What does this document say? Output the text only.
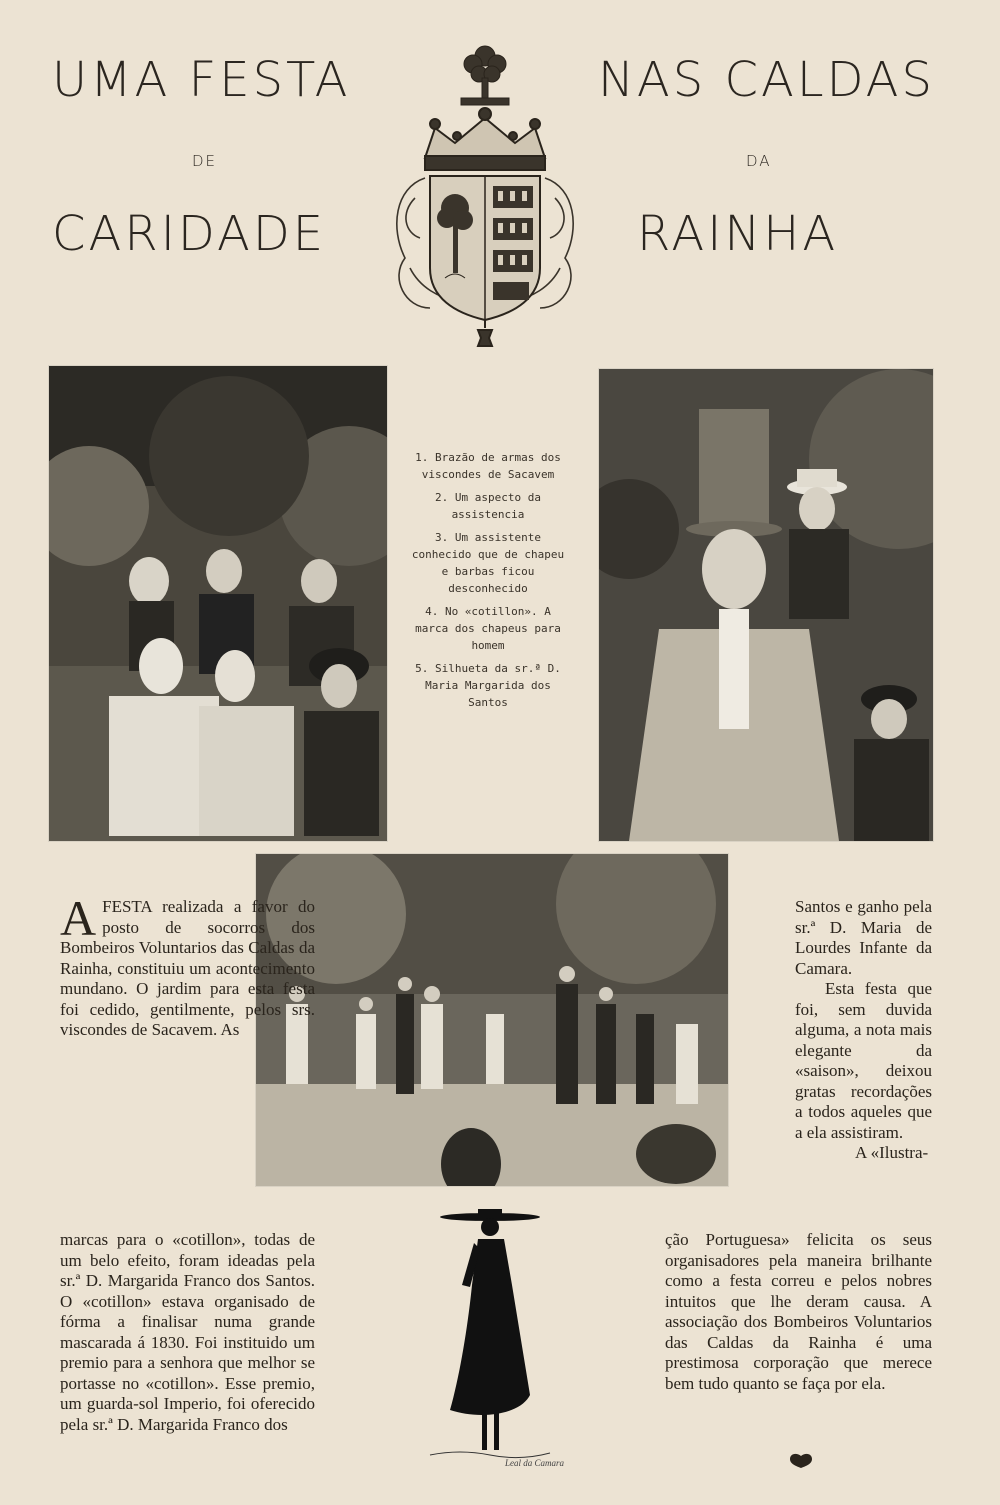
UMA FESTA
DE
CARIDADE
NAS CALDAS
DA
RAINHA

1. Brazão de armas dos viscondes de Sacavem

2. Um aspecto da assistencia

3. Um assistente conhecido que de chapeu e barbas ficou desconhecido

4. No «cotillon». A marca dos chapeus para homem

5. Silhueta da sr.ª D. Maria Margarida dos Santos

AFESTA realizada a favor do posto de socorros dos Bombeiros Voluntarios das Caldas da Rainha, constituiu um acontecimento mundano. O jardim para esta festa foi cedido, gentilmente, pelos srs. viscondes de Sacavem. As

marcas para o «cotillon», todas de um belo efeito, foram ideadas pela sr.ª D. Margarida Franco dos Santos. O «cotillon» estava organisado de fórma a finalisar numa grande mascarada á 1830. Foi instituido um premio para a senhora que melhor se portasse no «cotillon». Esse premio, um guarda-sol Imperio, foi oferecido pela sr.ª D. Margarida Franco dos

Leal da Camara

Santos e ganho pela sr.ª D. Maria de Lourdes Infante da Camara.

Esta festa que foi, sem duvida alguma, a nota mais elegante da «saison», deixou gratas recordações a todos aqueles que a ela assistiram.

A «Ilustra-

ção Portuguesa» felicita os seus organisadores pela maneira brilhante como a festa correu e pelos nobres intuitos que lhe deram causa. A associação dos Bombeiros Voluntarios das Caldas da Rainha é uma prestimosa corporação que merece bem tudo quanto se faça por ela.
